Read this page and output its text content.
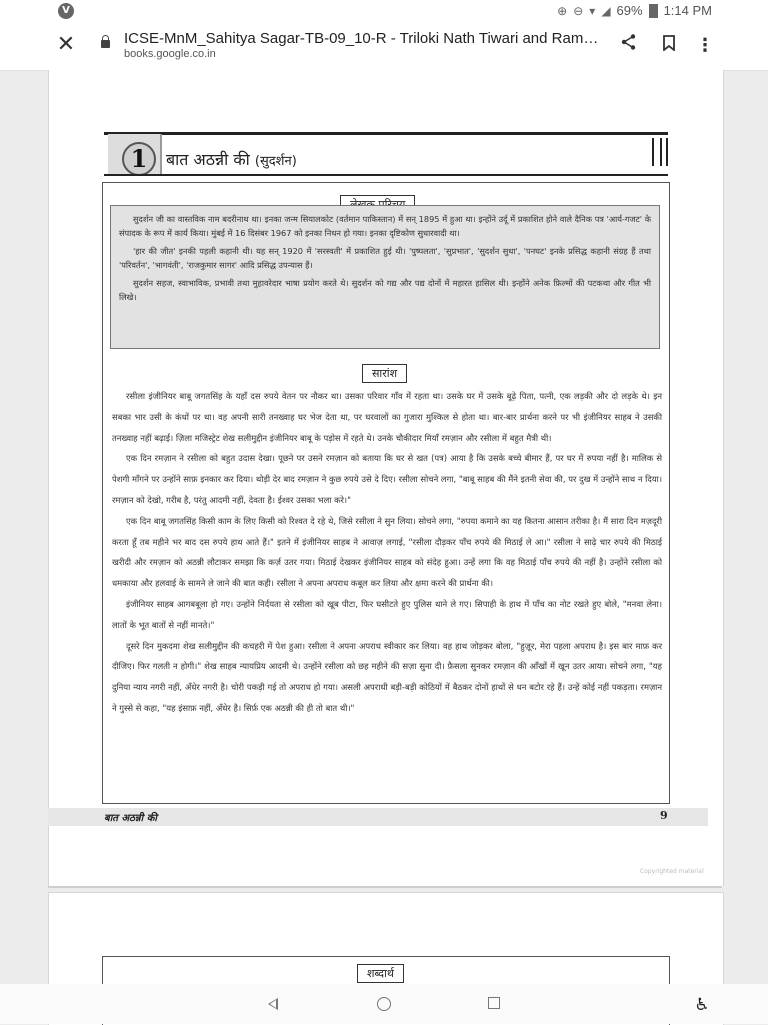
V	⊕ ⊖ ▾ ◢ 69% 1:14 PM
✕	ICSE-MnM_Sahitya Sagar-TB-09_10-R - Triloki Nath Tiwari and Ramn...
books.google.co.in	⋮
1	बात अठन्नी की (सुदर्शन)

सुदर्शन जी का वास्तविक नाम बदरीनाथ था। इनका जन्म सियालकोट (वर्तमान पाकिस्तान) में सन् 1895 में हुआ था। इन्होंने उर्दू में प्रकाशित होने वाले दैनिक पत्र 'आर्य-गजट' के संपादक के रूप में कार्य किया। मुंबई में 16 दिसंबर 1967 को इनका निधन हो गया। इनका दृष्टिकोण सुधारवादी था।

'हार की जीत' इनकी पहली कहानी थी। यह सन् 1920 में 'सरस्वती' में प्रकाशित हुई थी। 'पुष्पलता', 'सुप्रभात', 'सुदर्शन सुधा', 'पनघट' इनके प्रसिद्ध कहानी संग्रह हैं तथा 'परिवर्तन', 'भागवंती', 'राजकुमार सागर' आदि प्रसिद्ध उपन्यास हैं।

सुदर्शन सहज, स्वाभाविक, प्रभावी तथा मुहावरेदार भाषा प्रयोग करते थे। सुदर्शन को गद्य और पद्य दोनों में महारत हासिल थी। इन्होंने अनेक फ़िल्मों की पटकथा और गीत भी लिखे।

सारांश

रसीला इंजीनियर बाबू जगतसिंह के यहाँ दस रुपये वेतन पर नौकर था। उसका परिवार गाँव में रहता था। उसके घर में उसके बूढ़े पिता, पत्नी, एक लड़की और दो लड़के थे। इन सबका भार उसी के कंधों पर था। वह अपनी सारी तनख्वाह घर भेज देता था, पर घरवालों का गुजारा मुश्किल से होता था। बार-बार प्रार्थना करने पर भी इंजीनियर साहब ने उसकी तनख्वाह नहीं बढ़ाई। ज़िला मजिस्ट्रेट शेख सलीमुद्दीन इंजीनियर बाबू के पड़ोस में रहते थे। उनके चौकीदार मियाँ रमज़ान और रसीला में बहुत मैत्री थी।

एक दिन रमज़ान ने रसीला को बहुत उदास देखा। पूछने पर उसने रमज़ान को बताया कि घर से खत (पत्र) आया है कि उसके बच्चे बीमार हैं, पर घर में रुपया नहीं है। मालिक से पेशगी माँगने पर उन्होंने साफ़ इनकार कर दिया। थोड़ी देर बाद रमज़ान ने कुछ रुपये उसे दे दिए। रसीला सोचने लगा, "बाबू साहब की मैंने इतनी सेवा की, पर दुख में उन्होंने साथ न दिया। रमज़ान को देखो, गरीब है, परंतु आदमी नहीं, देवता है। ईश्वर उसका भला करे।"

एक दिन बाबू जगतसिंह किसी काम के लिए किसी को रिश्वत दे रहे थे, जिसे रसीला ने सुन लिया। सोचने लगा, "रुपया कमाने का यह कितना आसान तरीका है। मैं सारा दिन मज़दूरी करता हूँ तब महीने भर बाद दस रुपये हाथ आते हैं।" इतने में इंजीनियर साहब ने आवाज़ लगाई, "रसीला दौड़कर पाँच रुपये की मिठाई ले आ।" रसीला ने साढ़े चार रुपये की मिठाई खरीदी और रमज़ान को अठन्नी लौटाकर समझा कि कर्ज़ उतर गया। मिठाई देखकर इंजीनियर साहब को संदेह हुआ। उन्हें लगा कि वह मिठाई पाँच रुपये की नहीं है। उन्होंने रसीला को धमकाया और हलवाई के सामने ले जाने की बात कही। रसीला ने अपना अपराध कबूल कर लिया और क्षमा करने की प्रार्थना की।

इंजीनियर साहब आगबबूला हो गए। उन्होंने निर्दयता से रसीला को खूब पीटा, फिर घसीटते हुए पुलिस थाने ले गए। सिपाही के हाथ में पाँच का नोट रखते हुए बोले, "मनवा लेना। लातों के भूत बातों से नहीं मानते।"

दूसरे दिन मुकदमा शेख सलीमुद्दीन की कचहरी में पेश हुआ। रसीला ने अपना अपराध स्वीकार कर लिया। वह हाथ जोड़कर बोला, "हुज़ूर, मेरा पहला अपराध है। इस बार माफ़ कर दीजिए। फिर गलती न होगी।" शेख साहब न्यायप्रिय आदमी थे। उन्होंने रसीला को छह महीने की सज़ा सुना दी। फ़ैसला सुनकर रमज़ान की आँखों में खून उतर आया। सोचने लगा, "यह दुनिया न्याय नगरी नहीं, अँधेर नगरी है। चोरी पकड़ी गई तो अपराध हो गया। असली अपराधी बड़ी-बड़ी कोठियों में बैठकर दोनों हाथों से धन बटोर रहे हैं। उन्हें कोई नहीं पकड़ता। रमज़ान ने गुस्से से कहा, "यह इंसाफ़ नहीं, अँधेर है। सिर्फ़ एक अठन्नी की ही तो बात थी।"

बात अठन्नी की	9
Copyrighted material
शब्दार्थ
♿
